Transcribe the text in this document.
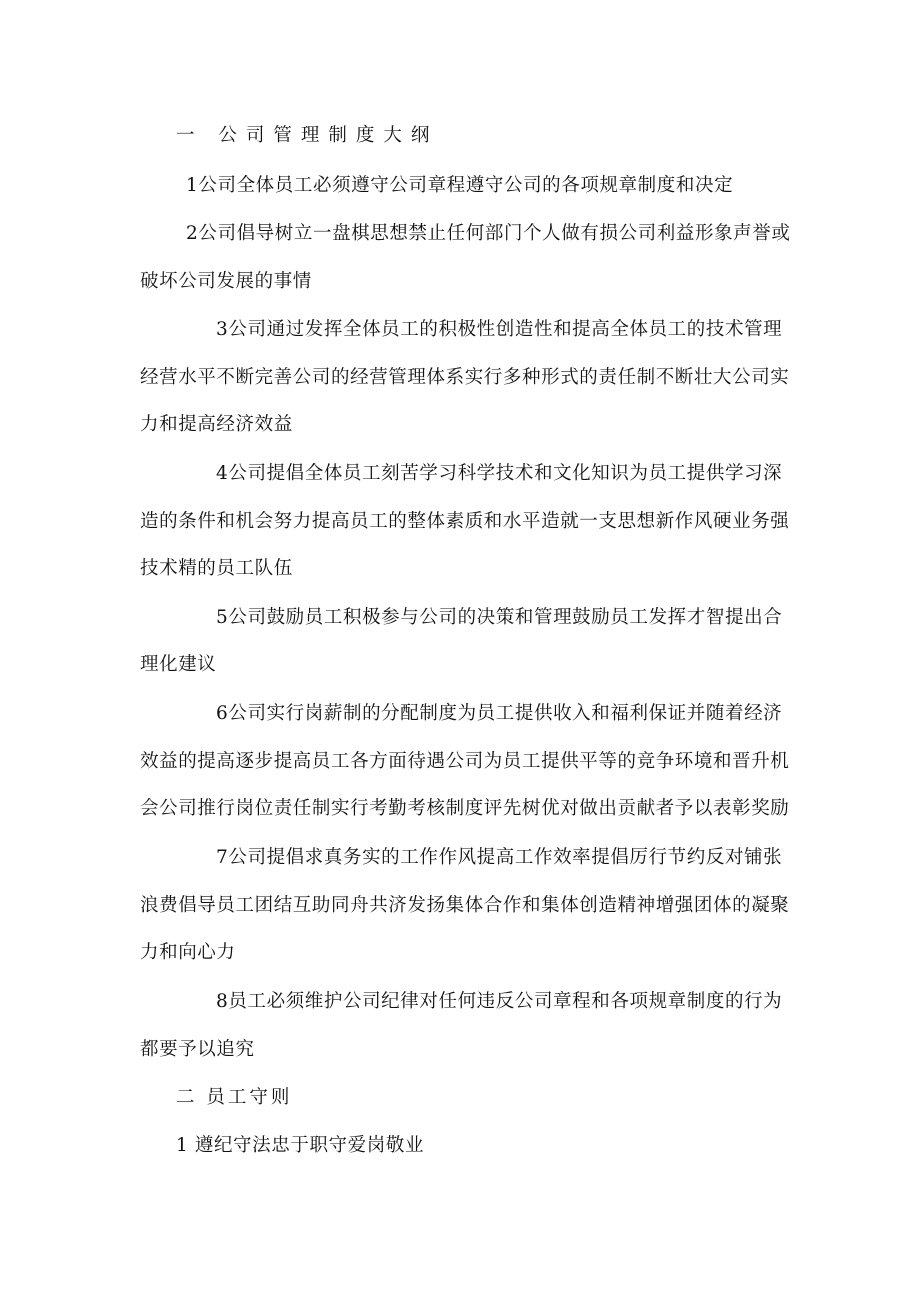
一 公司管理制度大纲
1公司全体员工必须遵守公司章程遵守公司的各项规章制度和决定
2公司倡导树立一盘棋思想禁止任何部门个人做有损公司利益形象声誉或
破坏公司发展的事情
3公司通过发挥全体员工的积极性创造性和提高全体员工的技术管理
经营水平不断完善公司的经营管理体系实行多种形式的责任制不断壮大公司实
力和提高经济效益
4公司提倡全体员工刻苦学习科学技术和文化知识为员工提供学习深
造的条件和机会努力提高员工的整体素质和水平造就一支思想新作风硬业务强
技术精的员工队伍
5公司鼓励员工积极参与公司的决策和管理鼓励员工发挥才智提出合
理化建议
6公司实行岗薪制的分配制度为员工提供收入和福利保证并随着经济
效益的提高逐步提高员工各方面待遇公司为员工提供平等的竞争环境和晋升机
会公司推行岗位责任制实行考勤考核制度评先树优对做出贡献者予以表彰奖励
7公司提倡求真务实的工作作风提高工作效率提倡厉行节约反对铺张
浪费倡导员工团结互助同舟共济发扬集体合作和集体创造精神增强团体的凝聚
力和向心力
8员工必须维护公司纪律对任何违反公司章程和各项规章制度的行为
都要予以追究
二 员工守则
1 遵纪守法忠于职守爱岗敬业
